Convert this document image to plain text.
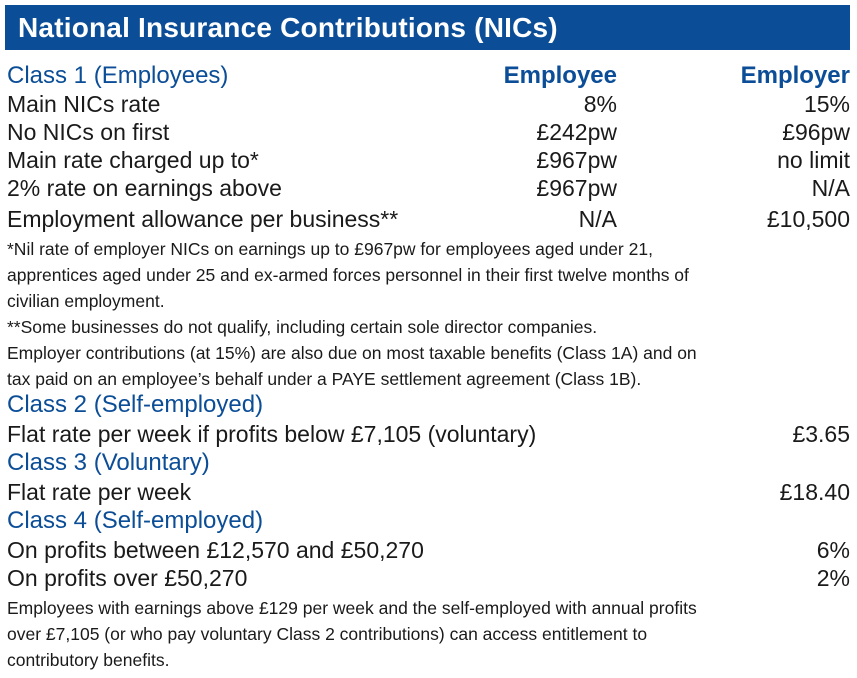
National Insurance Contributions (NICs)
Class 1 (Employees)	Employee	Employer
Main NICs rate	8%	15%
No NICs on first	£242pw	£96pw
Main rate charged up to*	£967pw	no limit
2% rate on earnings above	£967pw	N/A
Employment allowance per business**	N/A	£10,500

*Nil rate of employer NICs on earnings up to £967pw for employees aged under 21,

apprentices aged under 25 and ex-armed forces personnel in their first twelve months of

civilian employment.

**Some businesses do not qualify, including certain sole director companies.

Employer contributions (at 15%) are also due on most taxable benefits (Class 1A) and on

tax paid on an employee’s behalf under a PAYE settlement agreement (Class 1B).

Class 2 (Self-employed)
Flat rate per week if profits below £7,105 (voluntary)	£3.65
Class 3 (Voluntary)
Flat rate per week	£18.40
Class 4 (Self-employed)
On profits between £12,570 and £50,270	6%
On profits over £50,270	2%

Employees with earnings above £129 per week and the self-employed with annual profits

over £7,105 (or who pay voluntary Class 2 contributions) can access entitlement to

contributory benefits.
